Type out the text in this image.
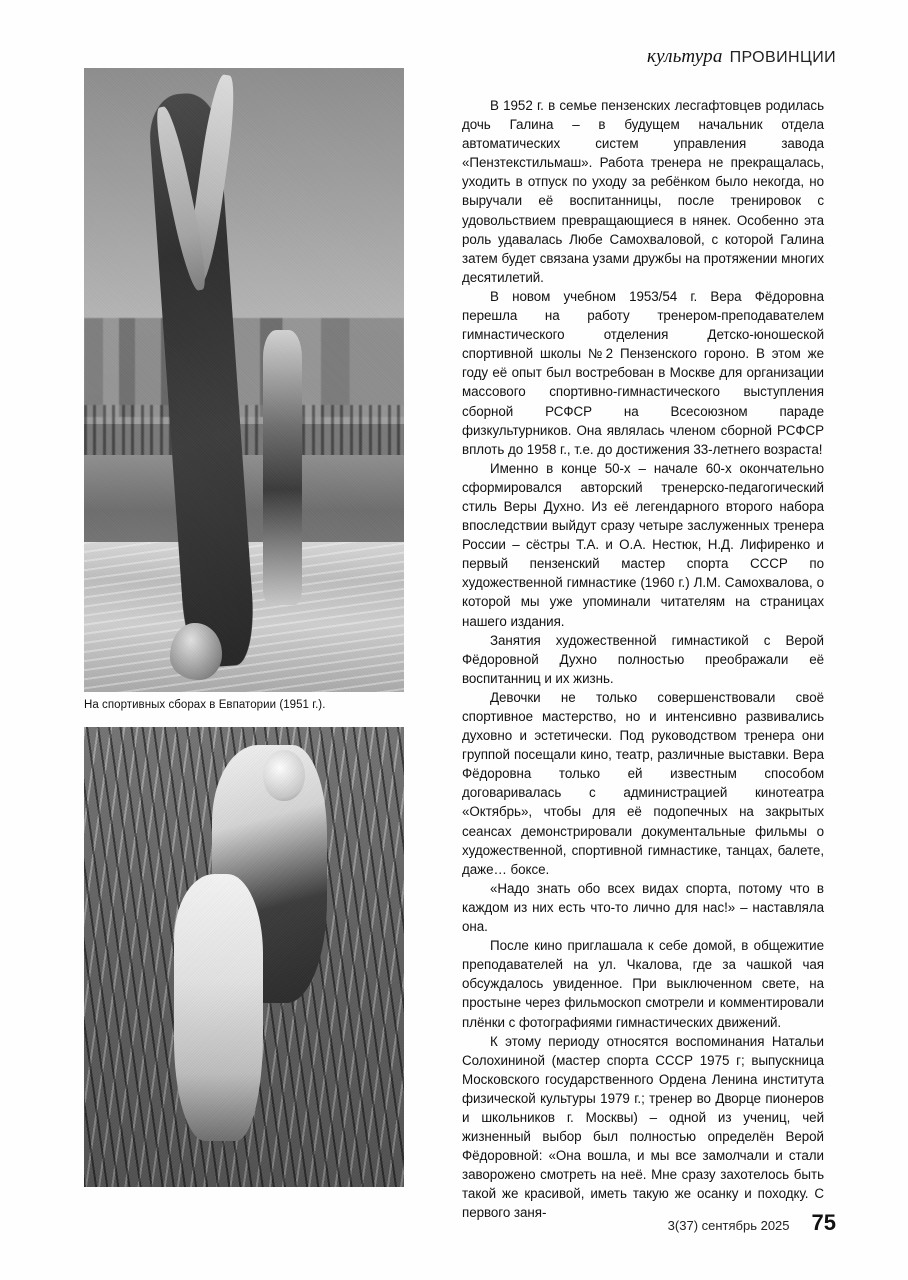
культура ПРОВИНЦИИ
На спортивных сборах в Евпатории (1951 г.).

В 1952 г. в семье пензенских лесгафтовцев родилась дочь Галина – в будущем начальник отдела автоматических систем управления завода «Пензтекстильмаш». Работа тренера не прекращалась, уходить в отпуск по уходу за ребёнком было некогда, но выручали её воспитанницы, после тренировок с удовольствием превращающиеся в нянек. Особенно эта роль удавалась Любе Самохваловой, с которой Галина затем будет связана узами дружбы на протяжении многих десятилетий.

В новом учебном 1953/54 г. Вера Фёдоровна перешла на работу тренером-преподавателем гимнастического отделения Детско-юношеской спортивной школы №2 Пензенского гороно. В этом же году её опыт был востребован в Москве для организации массового спортивно-гимнастического выступления сборной РСФСР на Всесоюзном параде физкультурников. Она являлась членом сборной РСФСР вплоть до 1958 г., т.е. до достижения 33-летнего возраста!

Именно в конце 50-х – начале 60-х окончательно сформировался авторский тренерско-педагогический стиль Веры Духно. Из её легендарного второго набора впоследствии выйдут сразу четыре заслуженных тренера России – сёстры Т.А. и О.А. Нестюк, Н.Д. Лифиренко и первый пензенский мастер спорта СССР по художественной гимнастике (1960 г.) Л.М. Самохвалова, о которой мы уже упоминали читателям на страницах нашего издания.

Занятия художественной гимнастикой с Верой Фёдоровной Духно полностью преображали её воспитанниц и их жизнь.

Девочки не только совершенствовали своё спортивное мастерство, но и интенсивно развивались духовно и эстетически. Под руководством тренера они группой посещали кино, театр, различные выставки. Вера Фёдоровна только ей известным способом договаривалась с администрацией кинотеатра «Октябрь», чтобы для её подопечных на закрытых сеансах демонстрировали документальные фильмы о художественной, спортивной гимнастике, танцах, балете, даже… боксе.

«Надо знать обо всех видах спорта, потому что в каждом из них есть что-то лично для нас!» – наставляла она.

После кино приглашала к себе домой, в общежитие преподавателей на ул. Чкалова, где за чашкой чая обсуждалось увиденное. При выключенном свете, на простыне через фильмоскоп смотрели и комментировали плёнки с фотографиями гимнастических движений.

К этому периоду относятся воспоминания Натальи Солохининой (мастер спорта СССР 1975 г; выпускница Московского государственного Ордена Ленина института физической культуры 1979 г.; тренер во Дворце пионеров и школьников г. Москвы) – одной из учениц, чей жизненный выбор был полностью определён Верой Фёдоровной: «Она вошла, и мы все замолчали и стали заворожено смотреть на неё. Мне сразу захотелось быть такой же красивой, иметь такую же осанку и походку. С первого заня-

3(37) сентябрь 2025 75
